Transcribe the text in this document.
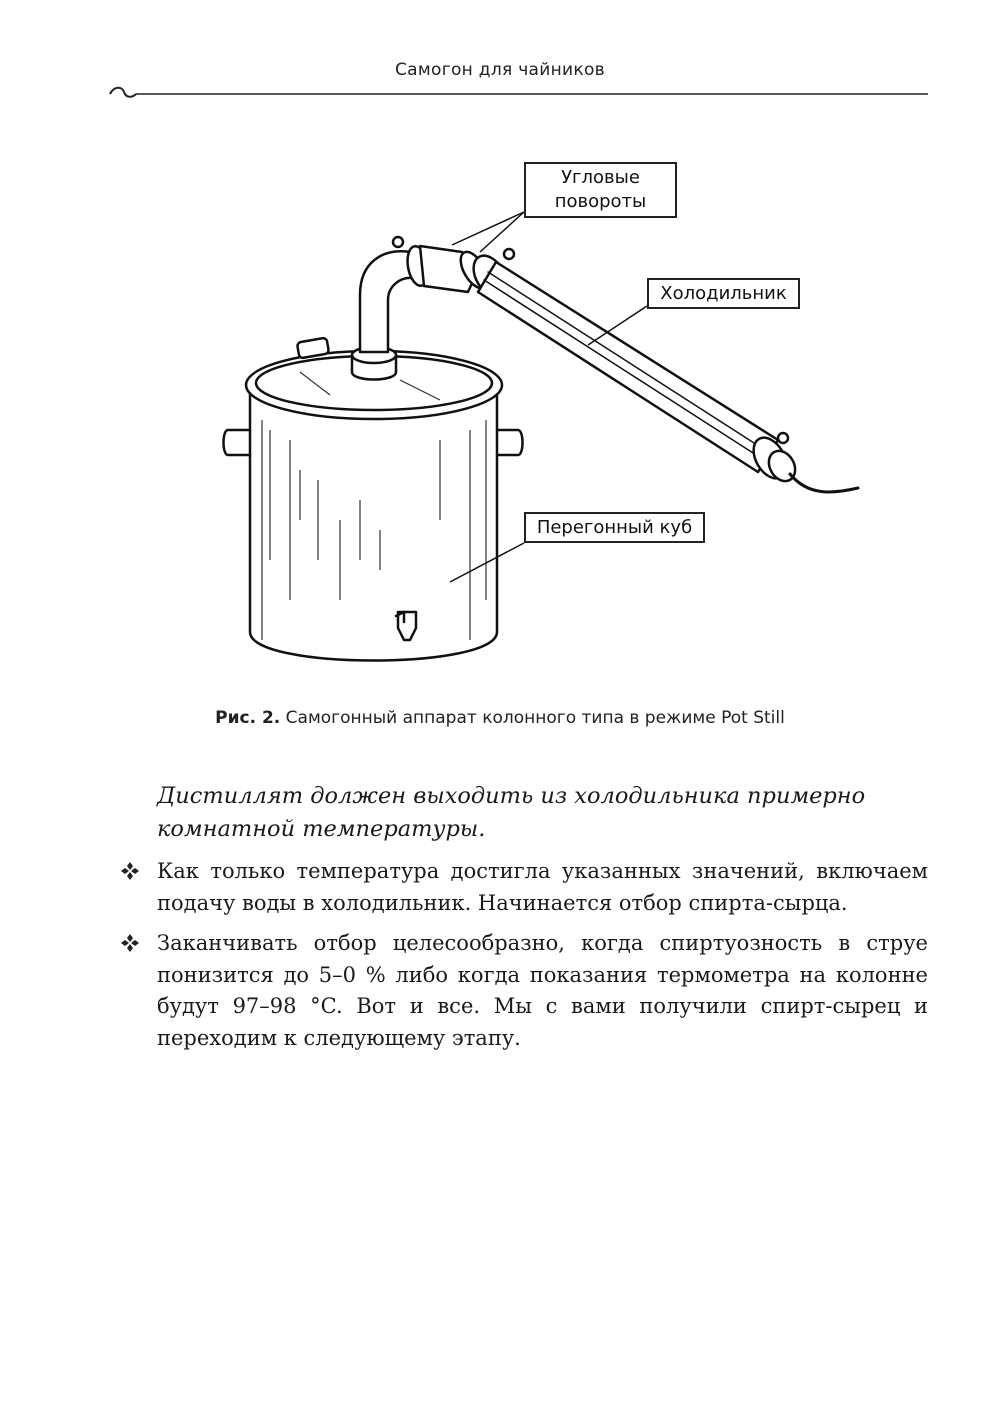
Самогон для чайников
Угловые
повороты
Холодильник
Перегонный куб
Рис. 2. Самогонный аппарат колонного типа в режиме Pot Still
Дистиллят должен выходить из холодильника примерно комнатной температуры.
Как только температура достигла указанных значений, включаем подачу воды в холодильник. Начинается отбор спирта-сырца.
Заканчивать отбор целесообразно, когда спиртуозность в струе понизится до 5–0 % либо когда показания термометра на колонне будут 97–98 °C. Вот и все. Мы с вами получили спирт-сырец и переходим к следующему этапу.
